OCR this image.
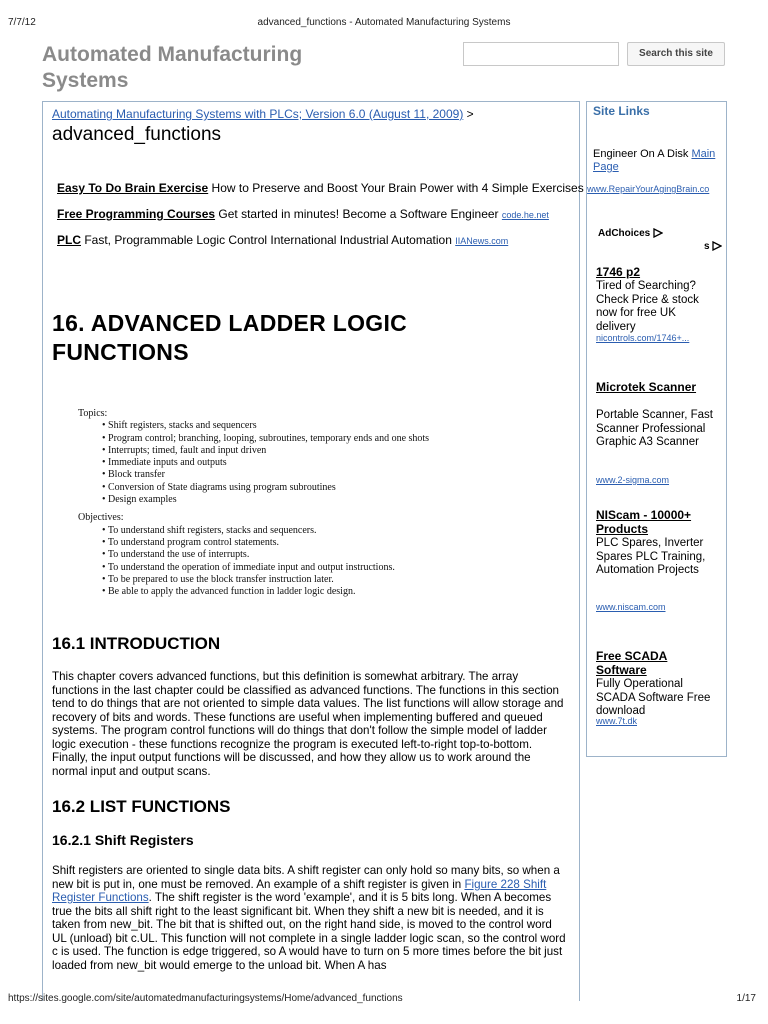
7/7/12	advanced_functions - Automated Manufacturing Systems
Automated Manufacturing Systems
Search this site
Automating Manufacturing Systems with PLCs; Version 6.0 (August 11, 2009) >
advanced_functions
Easy To Do Brain Exercise How to Preserve and Boost Your Brain Power with 4 Simple Exercises www.RepairYourAgingBrain.co
Free Programming Courses Get started in minutes! Become a Software Engineer code.he.net
PLC Fast, Programmable Logic Control International Industrial Automation IIANews.com
16. ADVANCED LADDER LOGIC FUNCTIONS
Topics:
• Shift registers, stacks and sequencers
• Program control; branching, looping, subroutines, temporary ends and one shots
• Interrupts; timed, fault and input driven
• Immediate inputs and outputs
• Block transfer
• Conversion of State diagrams using program subroutines
• Design examples
Objectives:
• To understand shift registers, stacks and sequencers.
• To understand program control statements.
• To understand the use of interrupts.
• To understand the operation of immediate input and output instructions.
• To be prepared to use the block transfer instruction later.
• Be able to apply the advanced function in ladder logic design.
16.1 INTRODUCTION
This chapter covers advanced functions, but this definition is somewhat arbitrary. The array functions in the last chapter could be classified as advanced functions. The functions in this section tend to do things that are not oriented to simple data values. The list functions will allow storage and recovery of bits and words. These functions are useful when implementing buffered and queued systems. The program control functions will do things that don't follow the simple model of ladder logic execution - these functions recognize the program is executed left-to-right top-to-bottom. Finally, the input output functions will be discussed, and how they allow us to work around the normal input and output scans.
16.2 LIST FUNCTIONS
16.2.1 Shift Registers
Shift registers are oriented to single data bits. A shift register can only hold so many bits, so when a new bit is put in, one must be removed. An example of a shift register is given in Figure 228 Shift Register Functions. The shift register is the word 'example', and it is 5 bits long. When A becomes true the bits all shift right to the least significant bit. When they shift a new bit is needed, and it is taken from new_bit. The bit that is shifted out, on the right hand side, is moved to the control word UL (unload) bit c.UL. This function will not complete in a single ladder logic scan, so the control word c is used. The function is edge triggered, so A would have to turn on 5 more times before the bit just loaded from new_bit would emerge to the unload bit. When A has
Site Links
Engineer On A Disk Main Page
AdChoices
s
1746 p2
Tired of Searching? Check Price & stock now for free UK delivery
nicontrols.com/1746+...
Microtek Scanner
Portable Scanner, Fast Scanner Professional Graphic A3 Scanner
www.2-sigma.com
NIScam - 10000+ Products
PLC Spares, Inverter Spares PLC Training, Automation Projects
www.niscam.com
Free SCADA Software
Fully Operational SCADA Software Free download
www.7t.dk
https://sites.google.com/site/automatedmanufacturingsystems/Home/advanced_functions	1/17
